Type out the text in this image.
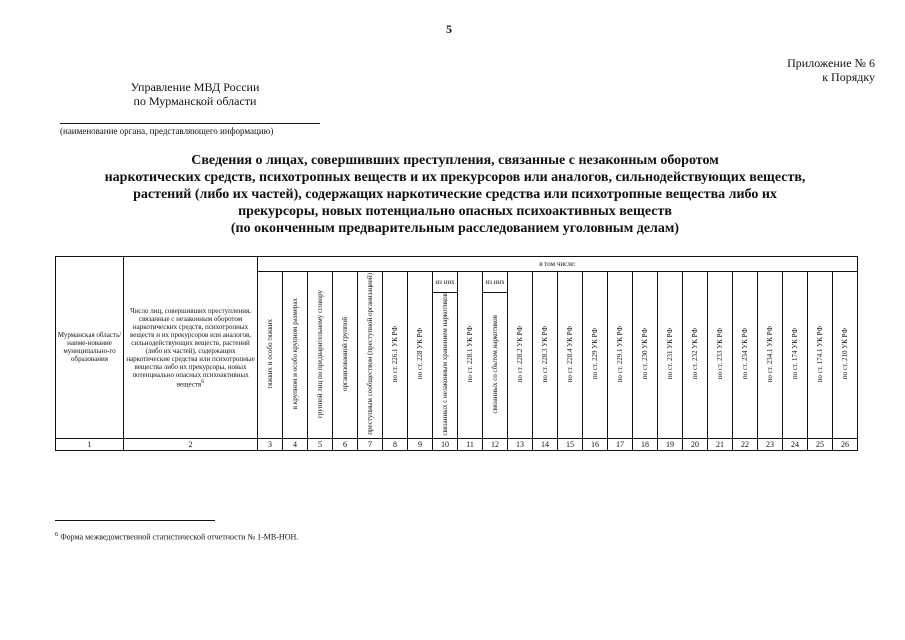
5
Приложение № 6
к Порядку
Управление МВД России
по Мурманской области
(наименование органа, представляющего информацию)
Сведения о лицах, совершивших преступления, связанные с незаконным оборотом
наркотических средств, психотропных веществ и их прекурсоров или аналогов, сильнодействующих веществ,
растений (либо их частей), содержащих наркотические средства или психотропные вещества либо их
прекурсоры, новых потенциально опасных психоактивных веществ
(по оконченным предварительным расследованием уголовным делам)
Мурманская область/наиме-нование муниципально-го образования	Число лиц, совершивших преступления, связанные с незаконным оборотом наркотических средств, психотропных веществ и их прекурсоров или аналогов, сильнодействующих веществ, растений (либо их частей), содержащих наркотические средства или психотропные вещества либо их прекурсоры, новых потенциально опасных психоактивных веществ$^6$	в том числе:																							
		тяжких и особо тяжких	в крупном и особо крупном размерах	группой лиц по предварительному сговору	организованной группой	преступным сообществом (преступной организацией)	по ст. 226.1 УК РФ	по ст. 228 УК РФ	из них	по ст. 228.1 УК РФ	из них	по ст. 228.2 УК РФ	по ст. 228.3 УК РФ	по ст. 228.4 УК РФ	по ст. 229 УК РФ	по ст. 229.1 УК РФ	по ст. 230 УК РФ	по ст. 231 УК РФ	по ст. 232 УК РФ	по ст. 233 УК РФ	по ст. 234 УК РФ	по ст. 234.1 УК РФ	по ст. 174 УК РФ	по ст. 174.1 УК РФ	по ст. 210 УК РФ
									связанных с незаконным хранением наркотиков		связанных со сбытом наркотиков														
1	2	3	4	5	6	7	8	9	10	11	12	13	14	15	16	17	18	19	20	21	22	23	24	25	26
$^6$ Форма межведомственной статистической отчетности № 1-МВ-НОН.
